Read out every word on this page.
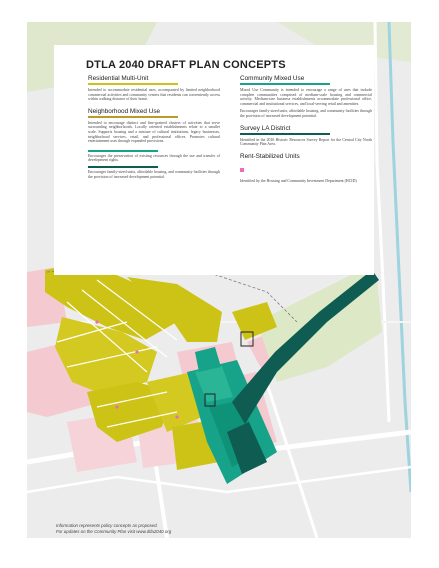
DTLA 2040 DRAFT PLAN CONCEPTS

Residential Multi-Unit

Intended to accommodate residential uses, accompanied by limited neighborhood commercial activities and community centers that residents can conveniently access within walking distance of their home.

Neighborhood Mixed Use

Intended to encourage distinct and fine-grained clusters of activities that serve surrounding neighborhoods. Locally oriented establishments relate to a smaller scale. Supports housing and a mixture of cultural institutions, legacy businesses, neighborhood services, retail, and professional offices. Promotes cultural entertainment uses through expanded provisions.

Encourages the preservation of existing resources through the use and transfer of development rights.

Encourages family-sized units, affordable housing, and community facilities through the provision of increased development potential.

Community Mixed Use

Mixed Use Community is intended to encourage a range of uses that include complete communities comprised of medium-scale housing and commercial activity. Medium-size business establishments accommodate professional office, commercial and institutional services, and local-serving retail and amenities.

Encourages family-sized units, affordable housing, and community facilities through the provision of increased development potential.

Survey LA District

Identified in the 2016 Historic Resources Survey Report for the Central City North Community Plan Area.

Rent-Stabilized Units

Identified by the Housing and Community Investment Department (HCID)

Information represents policy concepts as proposed.
For updates on the Community Plan visit www.dtla2040.org
